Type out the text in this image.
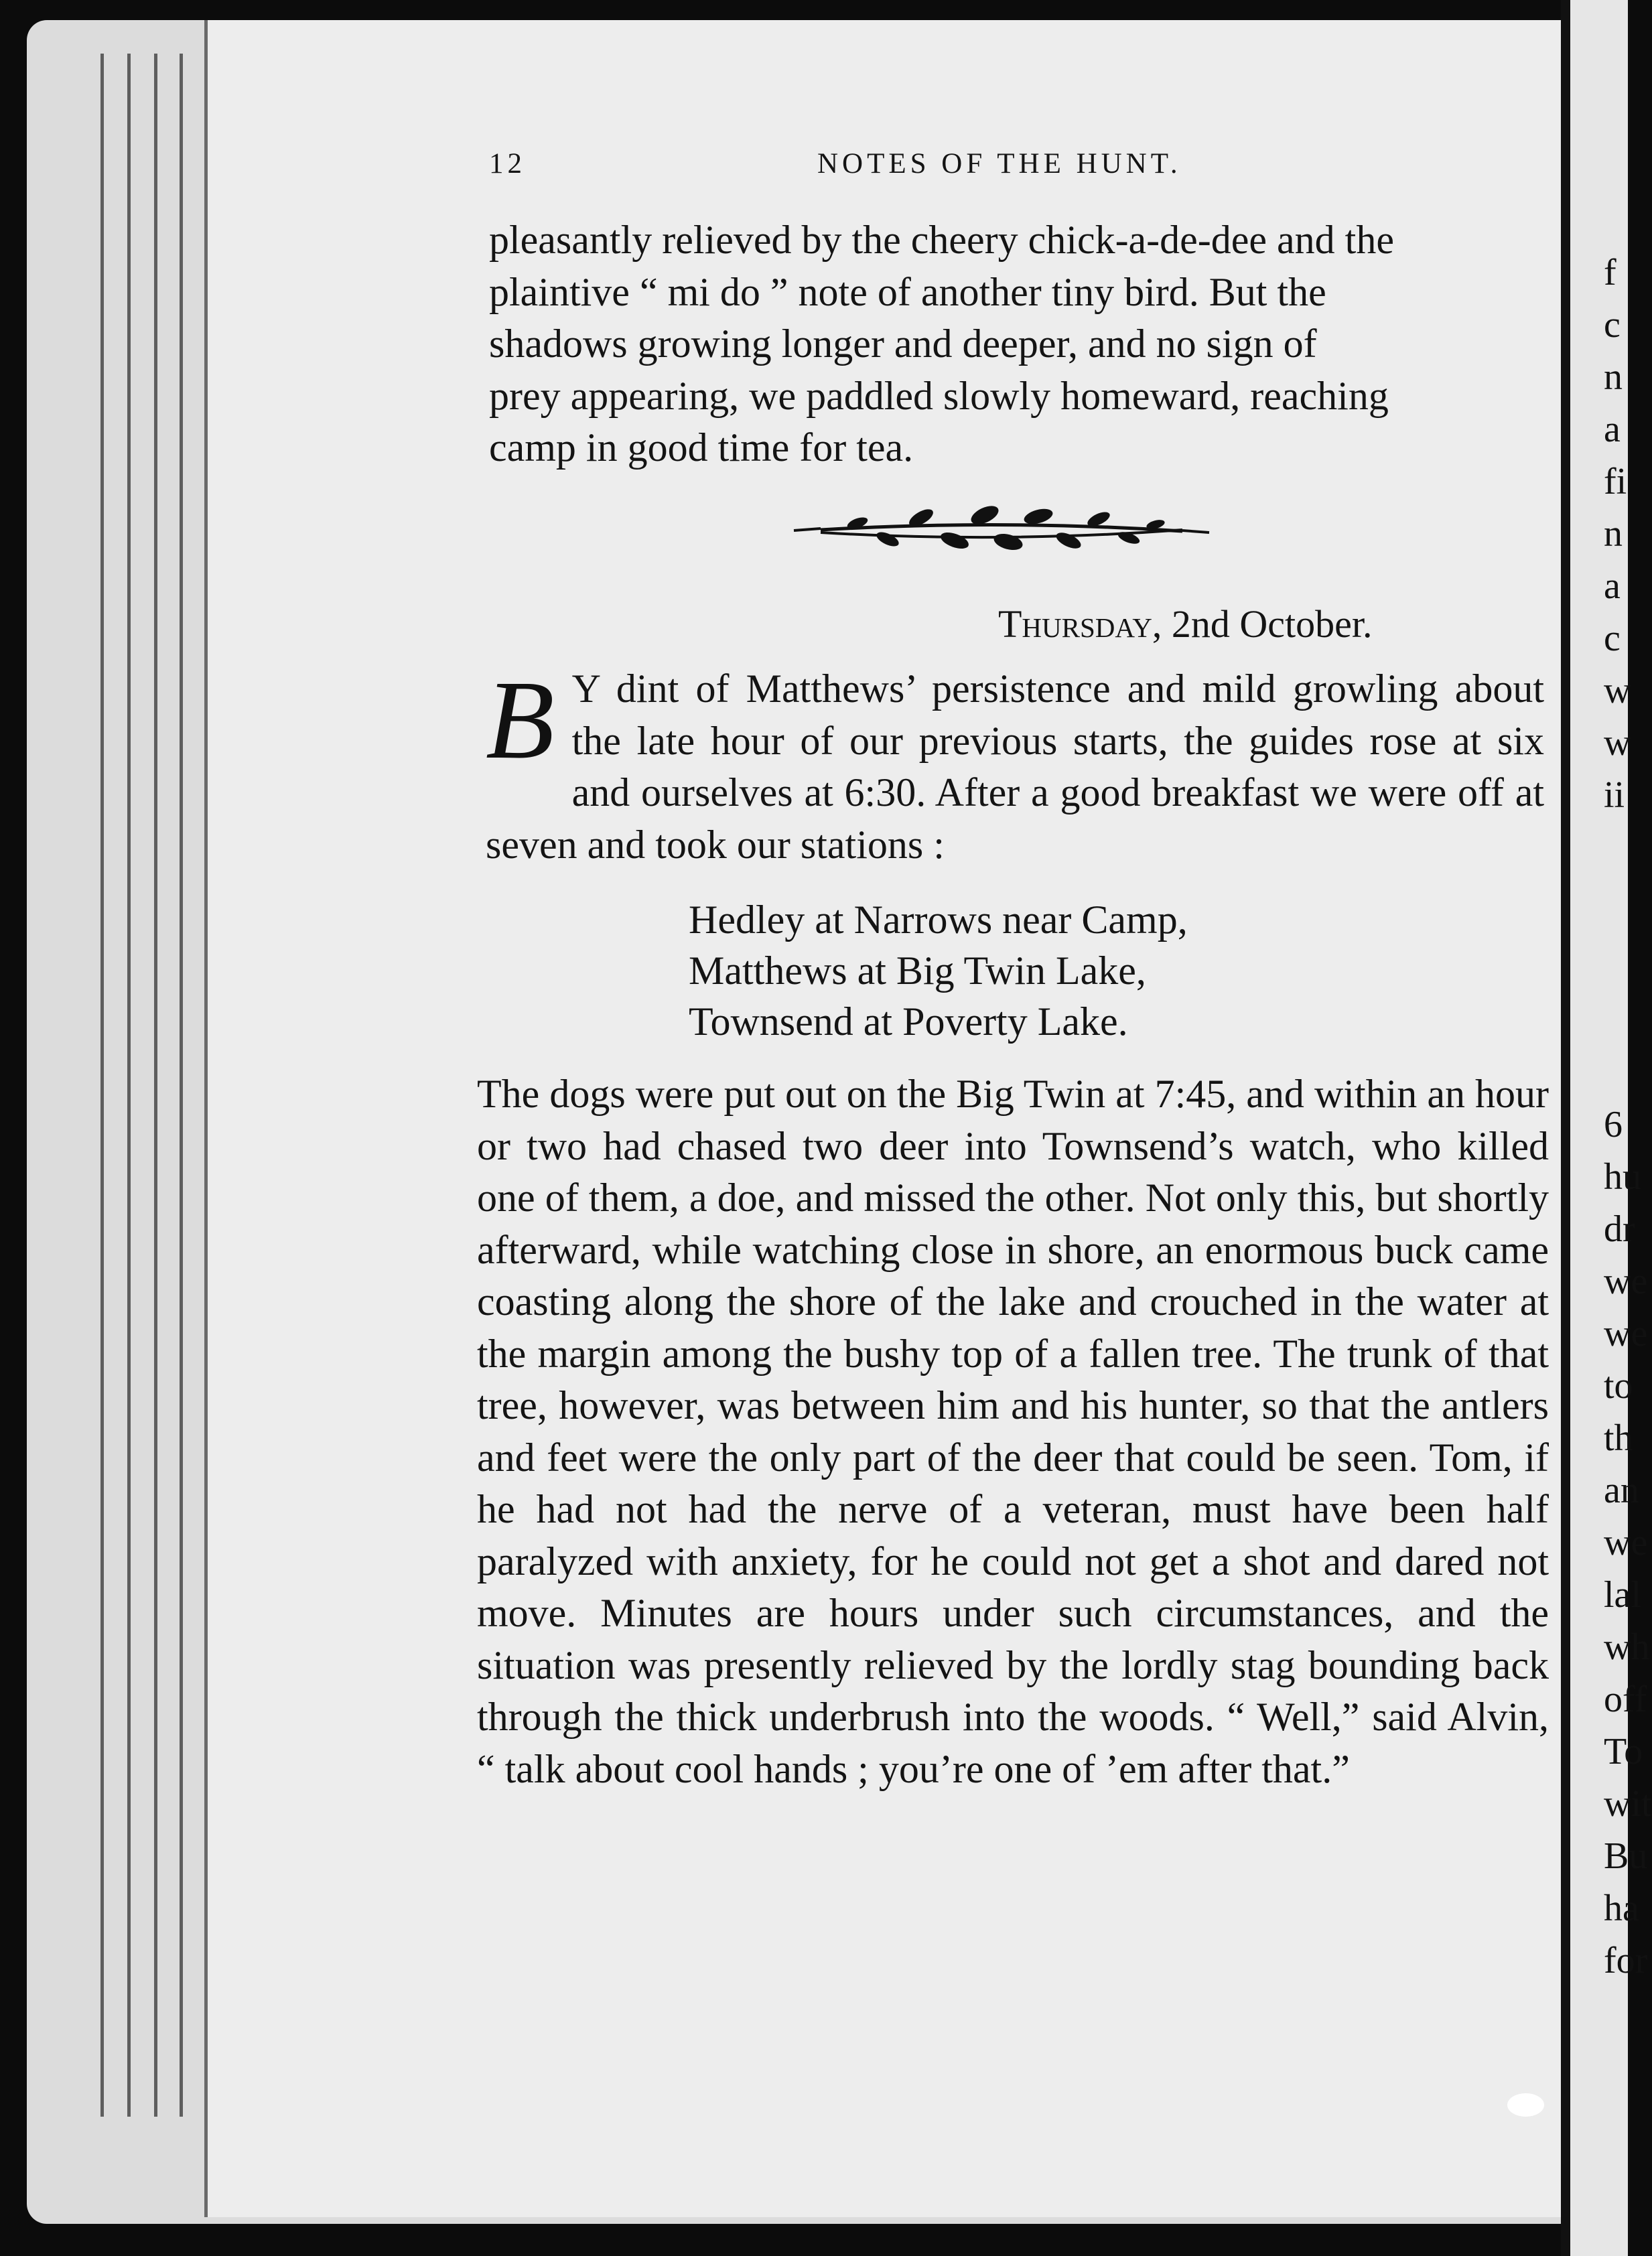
12	NOTES OF THE HUNT.

pleasantly relieved by the cheery chick-a-de-dee and the

plaintive “ mi do ” note of another tiny bird. But the

shadows growing longer and deeper, and no sign of

prey appearing, we paddled slowly homeward, reaching

camp in good time for tea.

Thursday, 2nd October.
B Y dint of Matthews’ persistence and mild growling about the late hour of our previous starts, the guides rose at six and ourselves at 6:30. After a good breakfast we were off at seven and took our stations :

Hedley at Narrows near Camp,
Matthews at Big Twin Lake,
Townsend at Poverty Lake.

The dogs were put out on the Big Twin at 7:45, and within an hour or two had chased two deer into Townsend’s watch, who killed one of them, a doe, and missed the other. Not only this, but shortly afterward, while watching close in shore, an enormous buck came coasting along the shore of the lake and crouched in the water at the margin among the bushy top of a fallen tree. The trunk of that tree, however, was between him and his hunter, so that the antlers and feet were the only part of the deer that could be seen. Tom, if he had not had the nerve of a veteran, must have been half paralyzed with anxiety, for he could not get a shot and dared not move. Minutes are hours under such circumstances, and the situation was presently relieved by the lordly stag bounding back through the thick underbrush into the woods. “ Well,” said Alvin, “ talk about cool hands ; you’re one of ’em after that.”

f
c
n
a
fi
n
a
c
w
w
ii
6
hu
dr
we
we
to
th
an
we
lal
wh
off
To
wit
Bu
ha
for
